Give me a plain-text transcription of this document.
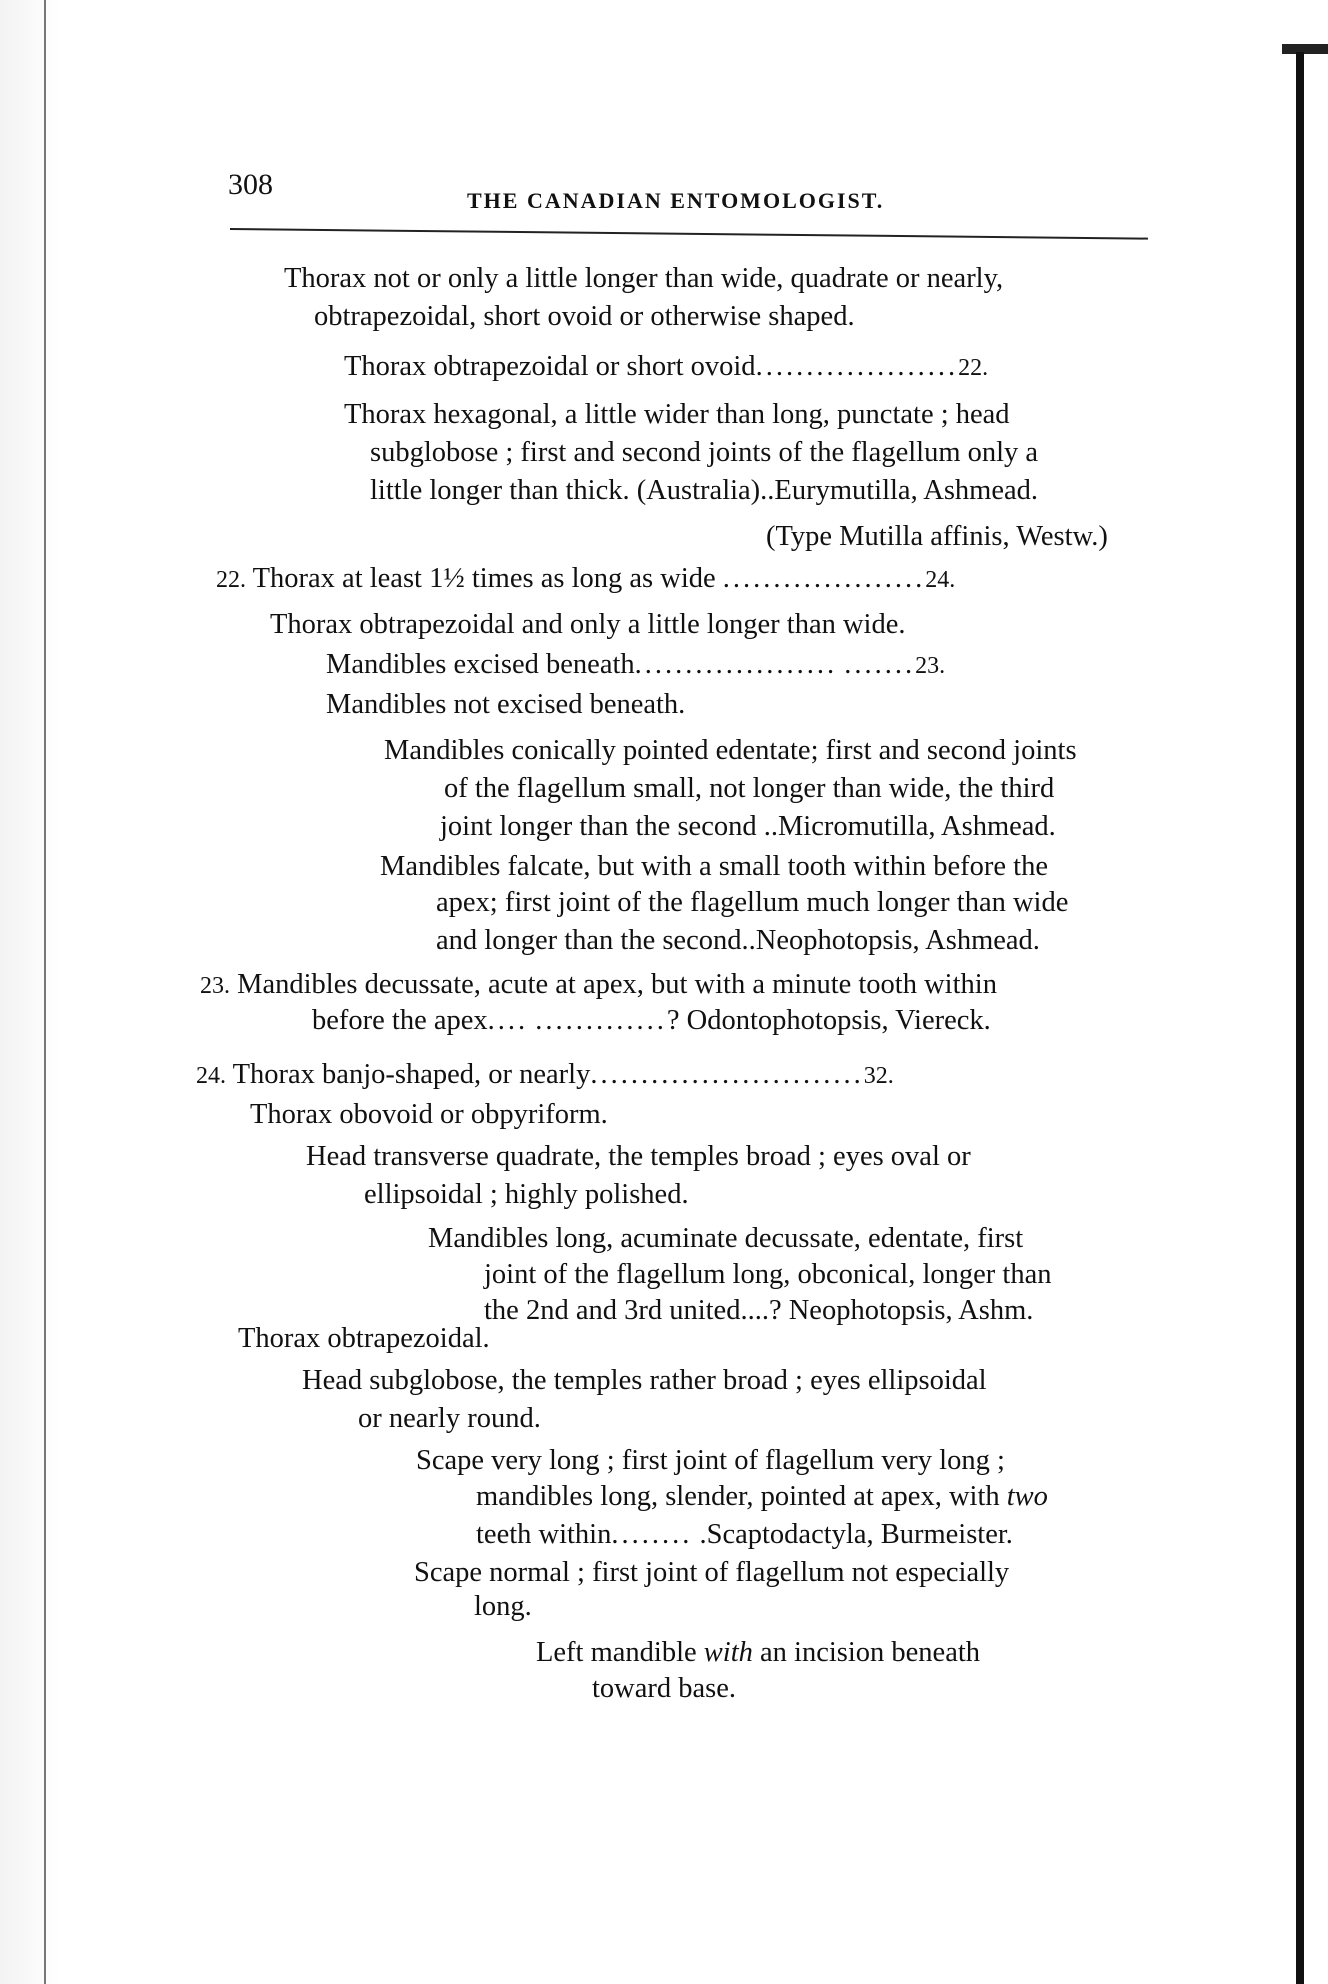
308	THE CANADIAN ENTOMOLOGIST.
Thorax not or only a little longer than wide, quadrate or nearly,
obtrapezoidal, short ovoid or otherwise shaped.
Thorax obtrapezoidal or short ovoid....................22.
Thorax hexagonal, a little wider than long, punctate ; head
subglobose ; first and second joints of the flagellum only a
little longer than thick. (Australia)..Eurymutilla, Ashmead.
(Type Mutilla affinis, Westw.)
22. Thorax at least 1½ times as long as wide ....................24.
Thorax obtrapezoidal and only a little longer than wide.
Mandibles excised beneath.................... .......23.
Mandibles not excised beneath.
Mandibles conically pointed edentate; first and second joints
of the flagellum small, not longer than wide, the third
joint longer than the second ..Micromutilla, Ashmead.
Mandibles falcate, but with a small tooth within before the
apex; first joint of the flagellum much longer than wide
and longer than the second..Neophotopsis, Ashmead.
23. Mandibles decussate, acute at apex, but with a minute tooth within
before the apex.... .............? Odontophotopsis, Viereck.
24. Thorax banjo-shaped, or nearly...........................32.
Thorax obovoid or obpyriform.
Head transverse quadrate, the temples broad ; eyes oval or
ellipsoidal ; highly polished.
Mandibles long, acuminate decussate, edentate, first
joint of the flagellum long, obconical, longer than
the 2nd and 3rd united....? Neophotopsis, Ashm.
Thorax obtrapezoidal.
Head subglobose, the temples rather broad ; eyes ellipsoidal
or nearly round.
Scape very long ; first joint of flagellum very long ;
mandibles long, slender, pointed at apex, with two
teeth within........ .Scaptodactyla, Burmeister.
Scape normal ; first joint of flagellum not especially
long.
Left mandible with an incision beneath
toward base.
